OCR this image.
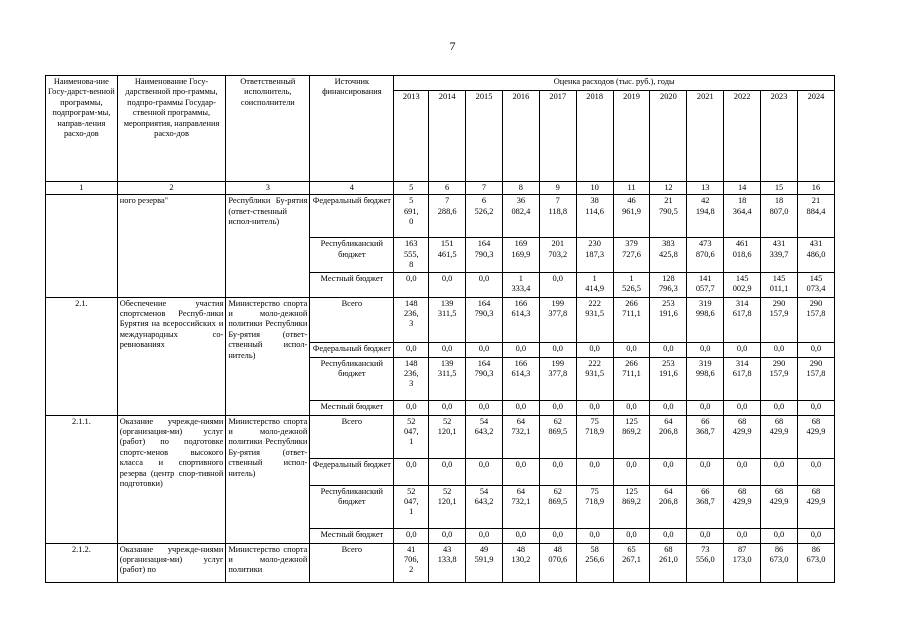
7
Наименова-ние Госу-дарст-венной программы, подпрограм-мы, направ-ления расхо-дов	Наименование Госу-дарственной про-граммы, подпро-граммы Государ-ственной программы, мероприятия, направления расхо-дов	Ответственный исполнитель, соисполнители	Источник финансирования	Оценка расходов (тыс. руб.), годы											
				2013	2014	2015	2016	2017	2018	2019	2020	2021	2022	2023	2024
1	2	3	4	5	6	7	8	9	10	11	12	13	14	15	16
	ного резерва"	Республики Бу-рятия (ответ-ственный испол-нитель)	Федеральный бюджет	5
691,
0	7
288,6	6
526,2	36
082,4	7
118,8	38
114,6	46
961,9	21
790,5	42
194,8	18
364,4	18
807,0	21
884,4
			Республиканский бюджет	163
555,
8	151
461,5	164
790,3	169
169,9	201
703,2	230
187,3	379
727,6	383
425,8	473
870,6	461
018,6	431
339,7	431
486,0
			Местный бюджет	0,0	0,0	0,0	1
333,4	0,0	1
414,9	1
526,5	128
796,3	141
057,7	145
002,9	145
011,1	145
073,4
2.1.	Обеспечение участия спортсменов Респуб-лики Бурятия на всероссийских и международных со-ревнованиях	Министерство спорта и моло-дежной политики Республики Бу-рятия (ответ-ственный испол-нитель)	Всего	148
236,
3	139
311,5	164
790,3	166
614,3	199
377,8	222
931,5	266
711,1	253
191,6	319
998,6	314
617,8	290
157,9	290
157,8
			Федеральный бюджет	0,0	0,0	0,0	0,0	0,0	0,0	0,0	0,0	0,0	0,0	0,0	0,0
			Республиканский бюджет	148
236,
3	139
311,5	164
790,3	166
614,3	199
377,8	222
931,5	266
711,1	253
191,6	319
998,6	314
617,8	290
157,9	290
157,8
			Местный бюджет	0,0	0,0	0,0	0,0	0,0	0,0	0,0	0,0	0,0	0,0	0,0	0,0
2.1.1.	Оказание учрежде-ниями (организация-ми) услуг (работ) по подготовке спортс-менов высокого класса и спортивного резерва (центр спор-тивной подготовки)	Министерство спорта и моло-дежной политики Республики Бу-рятия (ответ-ственный испол-нитель)	Всего	52
047,
1	52
120,1	54
643,2	64
732,1	62
869,5	75
718,9	125
869,2	64
206,8	66
368,7	68
429,9	68
429,9	68
429,9
			Федеральный бюджет	0,0	0,0	0,0	0,0	0,0	0,0	0,0	0,0	0,0	0,0	0,0	0,0
			Республиканский бюджет	52
047,
1	52
120,1	54
643,2	64
732,1	62
869,5	75
718,9	125
869,2	64
206,8	66
368,7	68
429,9	68
429,9	68
429,9
			Местный бюджет	0,0	0,0	0,0	0,0	0,0	0,0	0,0	0,0	0,0	0,0	0,0	0,0
2.1.2.	Оказание учрежде-ниями (организация-ми) услуг (работ) по	Министерство спорта и моло-дежной политики	Всего	41
706,
2	43
133,8	49
591,9	48
130,2	48
070,6	58
256,6	65
267,1	68
261,0	73
556,0	87
173,0	86
673,0	86
673,0
